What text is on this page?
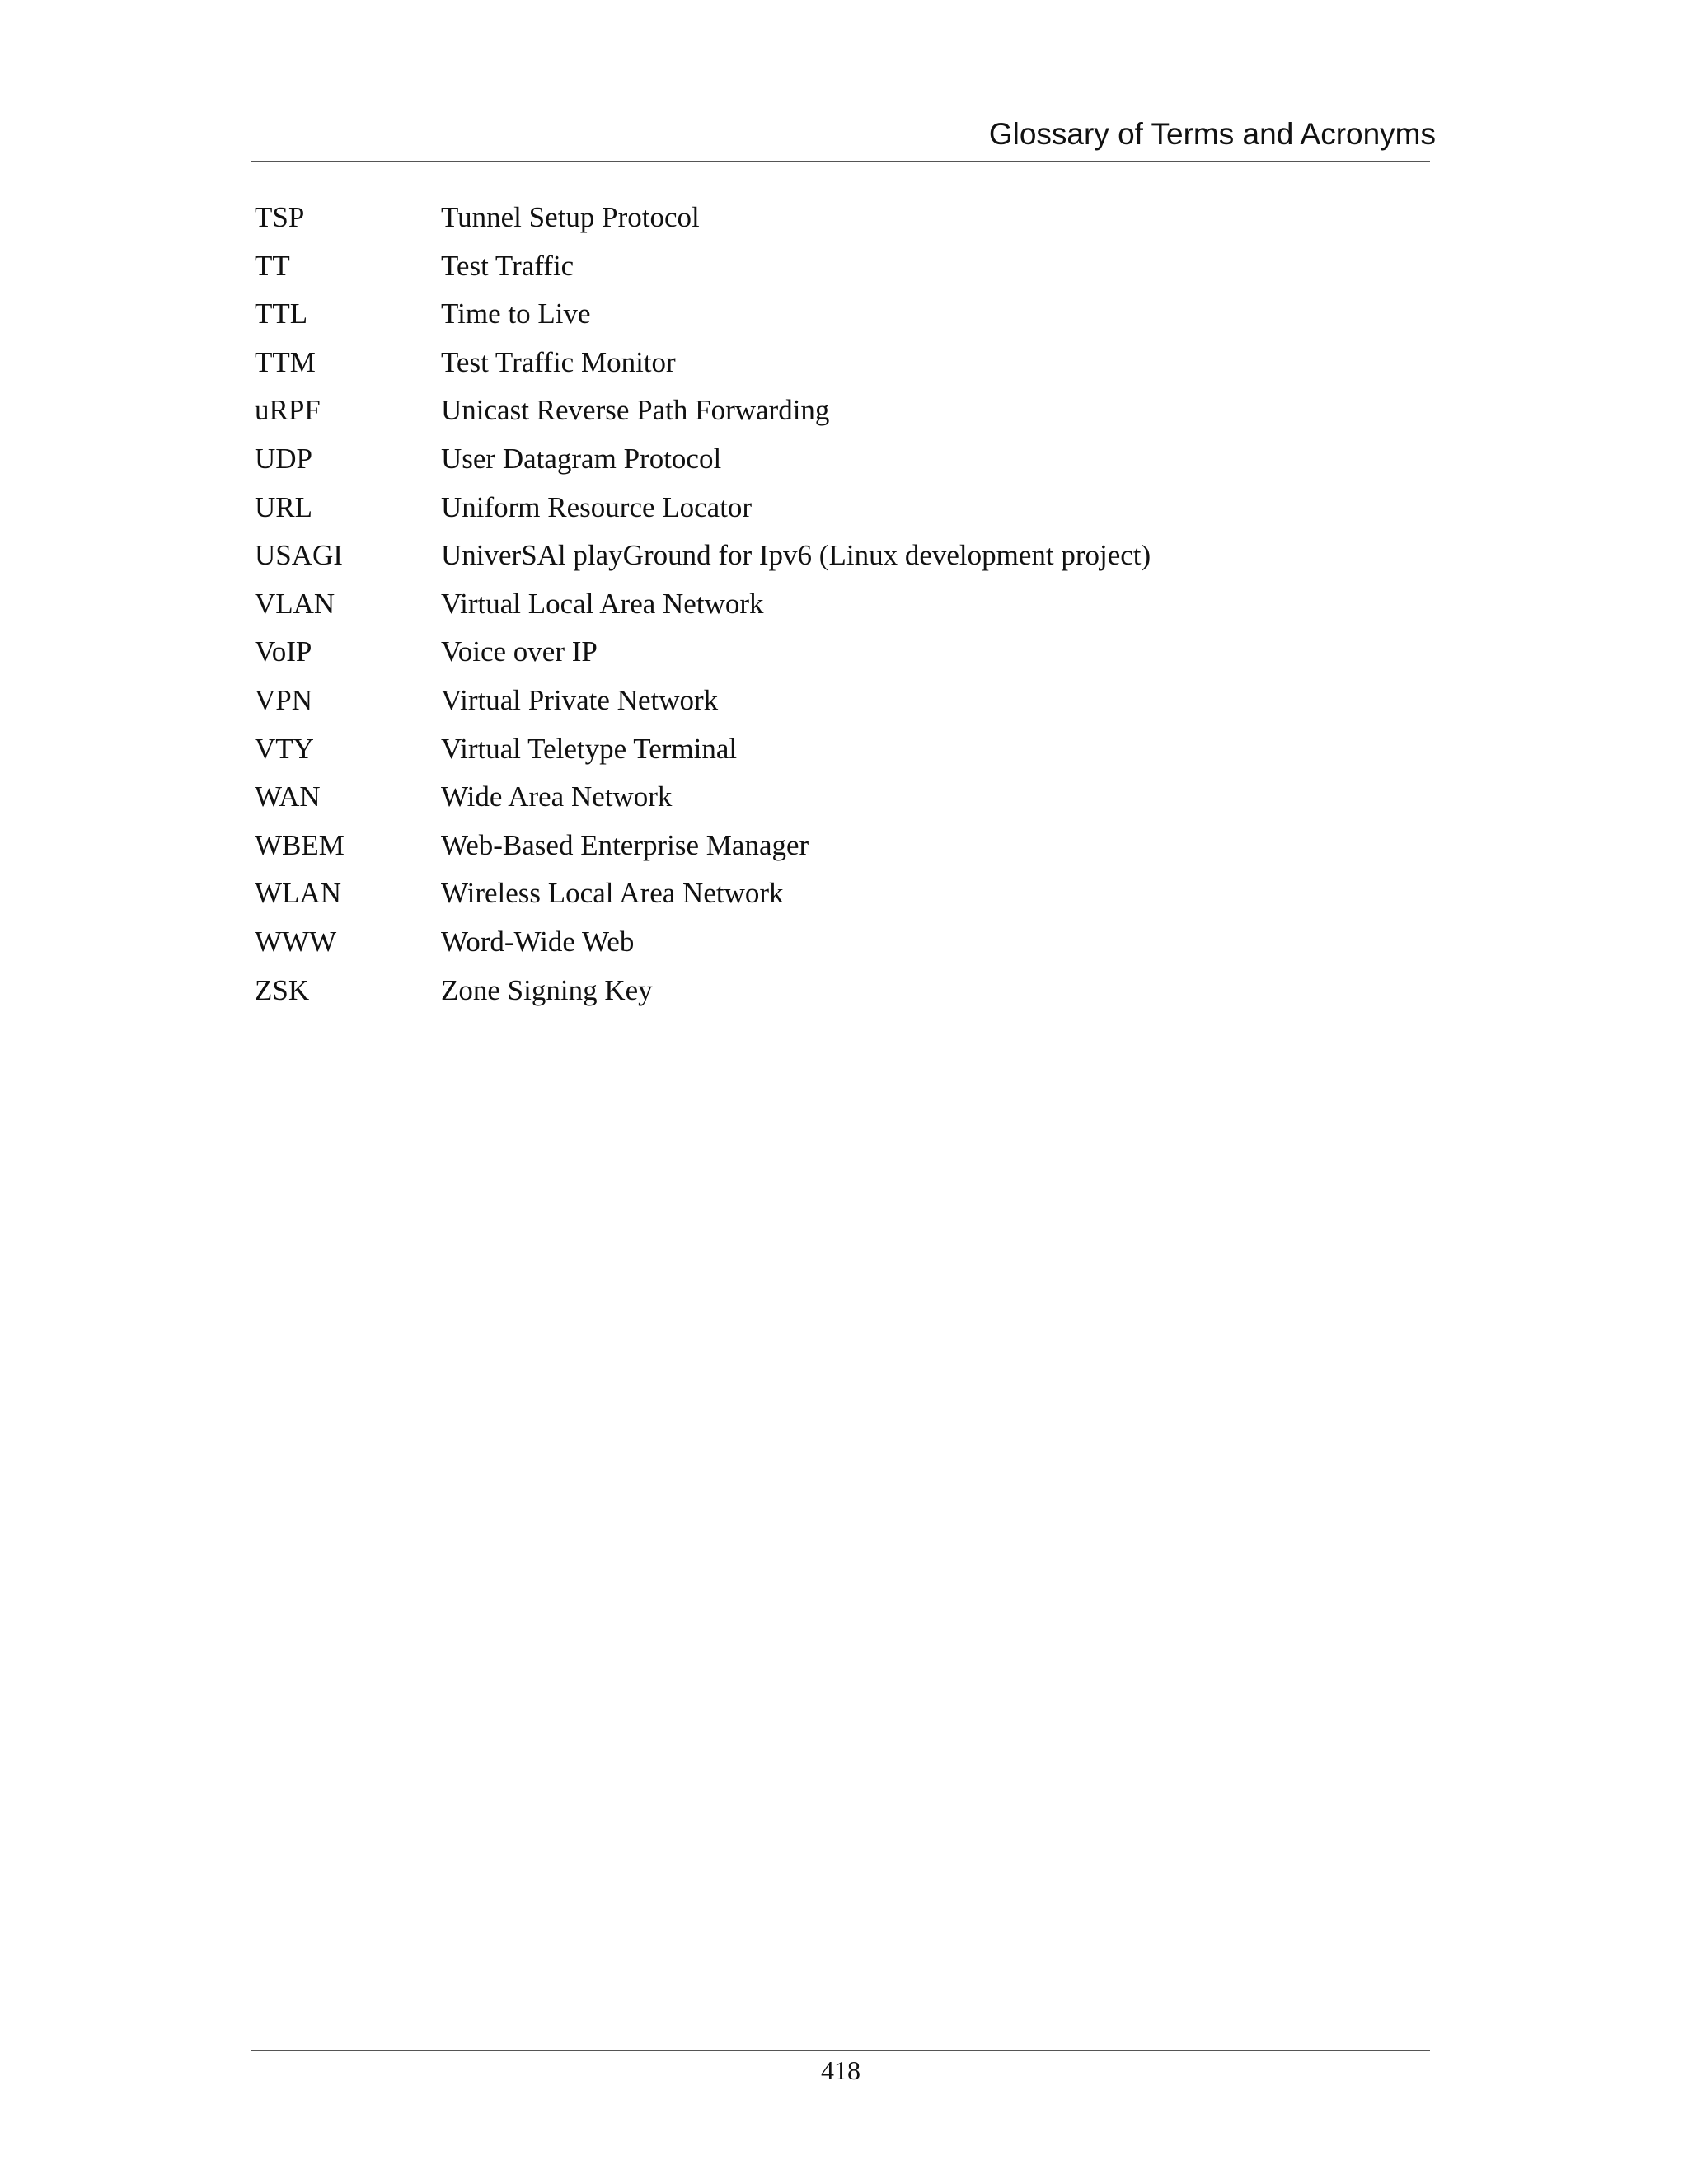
Glossary of Terms and Acronyms
TSP	Tunnel Setup Protocol
TT	Test Traffic
TTL	Time to Live
TTM	Test Traffic Monitor
uRPF	Unicast Reverse Path Forwarding
UDP	User Datagram Protocol
URL	Uniform Resource Locator
USAGI	UniverSAl playGround for Ipv6 (Linux development project)
VLAN	Virtual Local Area Network
VoIP	Voice over IP
VPN	Virtual Private Network
VTY	Virtual Teletype Terminal
WAN	Wide Area Network
WBEM	Web-Based Enterprise Manager
WLAN	Wireless Local Area Network
WWW	Word-Wide Web
ZSK	Zone Signing Key
418
